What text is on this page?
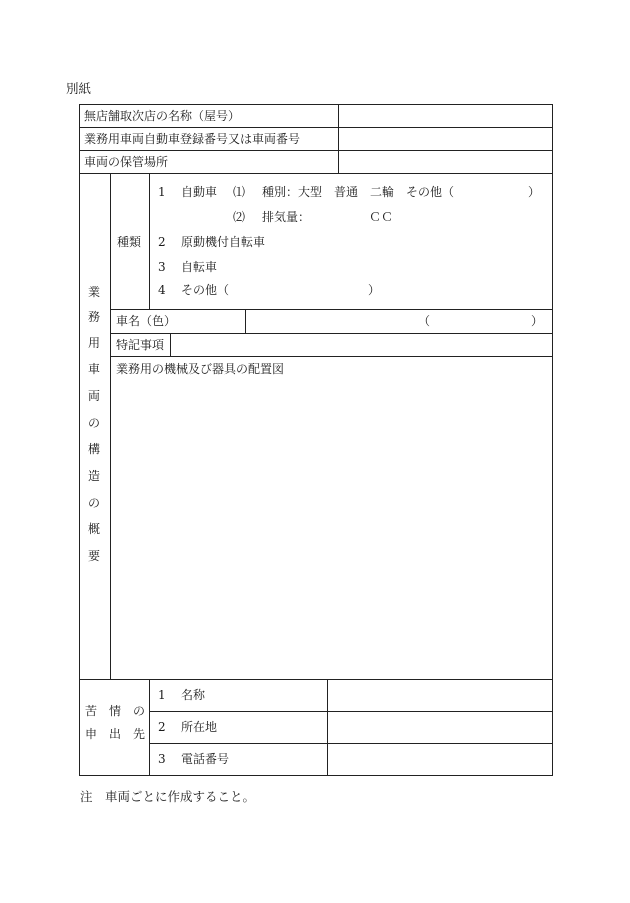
別紙
無店舗取次店の名称（屋号）
業務用車両自動車登録番号又は車両番号
車両の保管場所
業
務
用
車
両
の
構
造
の
概
要
種類
1 自動車 ⑴ 種別：大型　普通　二輪　その他（	）
⑵ 排気量：	ＣＣ
2 原動機付自転車
3 自転車
4 その他（	）
車名（色）	（	）
特記事項
業務用の機械及び器具の配置図
苦　情　の
申　出　先
1 名称
2 所在地
3 電話番号
注　車両ごとに作成すること。
